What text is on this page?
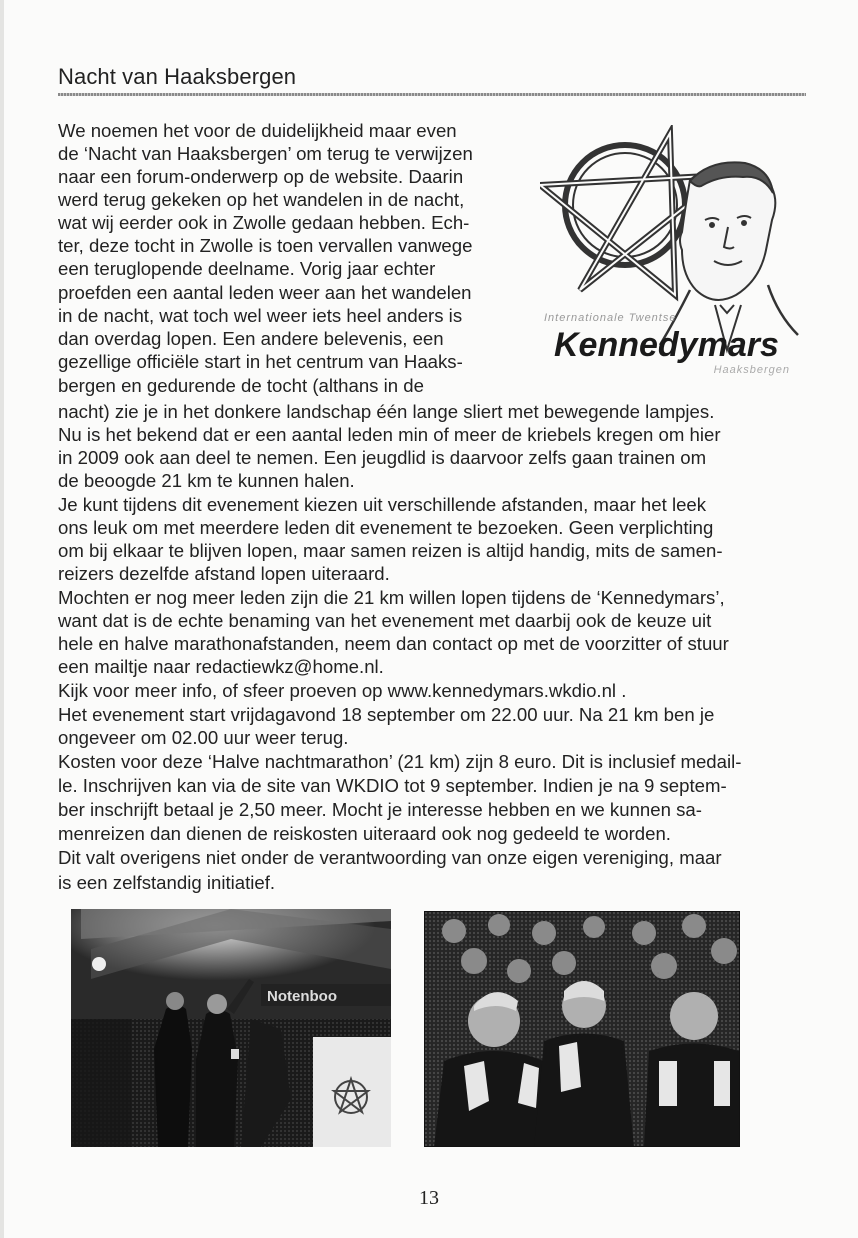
Nacht van Haaksbergen
We noemen het voor de duidelijkheid maar even
de ‘Nacht van Haaksbergen’ om terug te verwijzen
naar een forum-onderwerp op de website. Daarin
werd terug gekeken op het wandelen in de nacht,
wat wij eerder ook in Zwolle gedaan hebben. Ech-
ter, deze tocht in Zwolle is toen vervallen vanwege
een teruglopende deelname. Vorig jaar echter
proefden een aantal leden weer aan het wandelen
in de nacht, wat toch wel weer iets heel anders is
dan overdag lopen. Een andere belevenis, een
gezellige officiële start in het centrum van Haaks-
bergen en gedurende de tocht (althans in de
nacht) zie je in het donkere landschap één lange sliert met bewegende lampjes.
Nu is het bekend dat er een aantal leden min of meer de kriebels kregen om hier
in 2009 ook aan deel te nemen. Een jeugdlid is daarvoor zelfs gaan trainen om
de beoogde 21 km te kunnen halen.
Je kunt tijdens dit evenement kiezen uit verschillende afstanden, maar het leek
ons leuk om met meerdere leden dit evenement te bezoeken. Geen verplichting
om bij elkaar te blijven lopen, maar samen reizen is altijd handig, mits de samen-
reizers dezelfde afstand lopen uiteraard.
Mochten er nog meer leden zijn die 21 km willen lopen tijdens de ‘Kennedymars’,
want dat is de echte benaming van het evenement met daarbij ook de keuze uit
hele en halve marathonafstanden, neem dan contact op met de voorzitter of stuur
een mailtje naar redactiewkz@home.nl.
Kijk voor meer info, of sfeer proeven op www.kennedymars.wkdio.nl .
Het evenement start vrijdagavond 18 september om 22.00 uur. Na 21 km ben je
ongeveer om 02.00 uur weer terug.
Kosten voor deze ‘Halve nachtmarathon’ (21 km) zijn 8 euro. Dit is inclusief medail-
le. Inschrijven kan via de site van WKDIO tot 9 september. Indien je na 9 septem-
ber inschrijft betaal je 2,50 meer. Mocht je interesse hebben en we kunnen sa-
menreizen dan dienen de reiskosten uiteraard ook nog gedeeld te worden.
Dit valt overigens niet onder de verantwoording van onze eigen vereniging, maar
is een zelfstandig initiatief.
Internationale Twentse
Kennedymars
Haaksbergen
Notenboo
13
